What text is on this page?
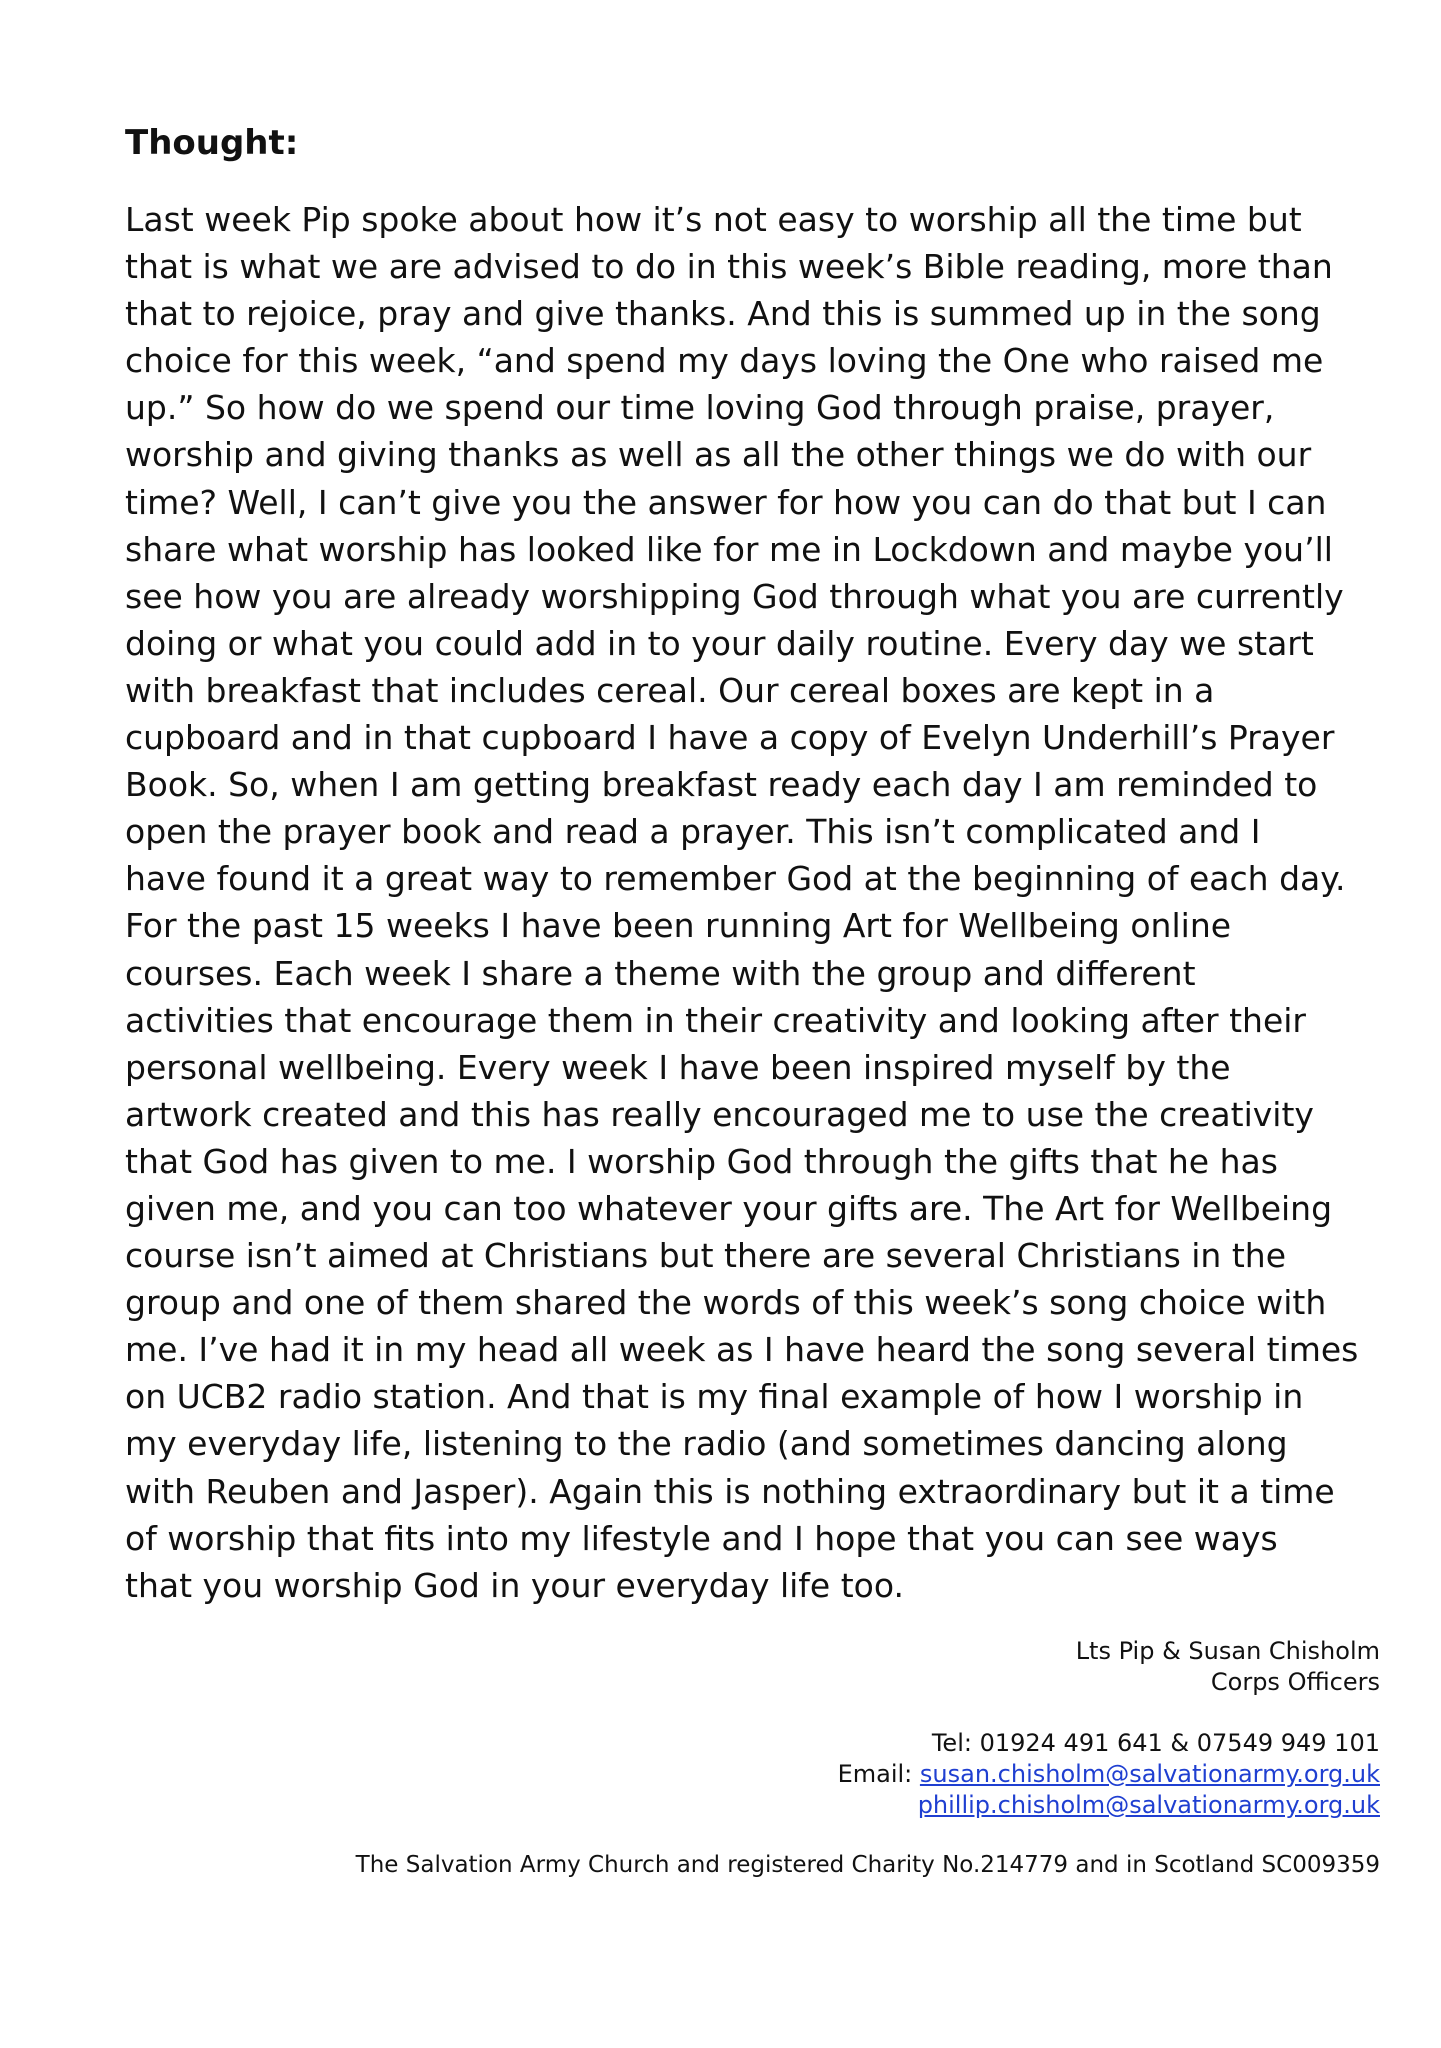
Thought:

Last week Pip spoke about how it’s not easy to worship all the time but
that is what we are advised to do in this week’s Bible reading, more than
that to rejoice, pray and give thanks. And this is summed up in the song
choice for this week, “and spend my days loving the One who raised me
up.” So how do we spend our time loving God through praise, prayer,
worship and giving thanks as well as all the other things we do with our
time? Well, I can’t give you the answer for how you can do that but I can
share what worship has looked like for me in Lockdown and maybe you’ll
see how you are already worshipping God through what you are currently
doing or what you could add in to your daily routine. Every day we start
with breakfast that includes cereal. Our cereal boxes are kept in a
cupboard and in that cupboard I have a copy of Evelyn Underhill’s Prayer
Book. So, when I am getting breakfast ready each day I am reminded to
open the prayer book and read a prayer. This isn’t complicated and I
have found it a great way to remember God at the beginning of each day.
For the past 15 weeks I have been running Art for Wellbeing online
courses. Each week I share a theme with the group and different
activities that encourage them in their creativity and looking after their
personal wellbeing. Every week I have been inspired myself by the
artwork created and this has really encouraged me to use the creativity
that God has given to me. I worship God through the gifts that he has
given me, and you can too whatever your gifts are. The Art for Wellbeing
course isn’t aimed at Christians but there are several Christians in the
group and one of them shared the words of this week’s song choice with
me. I’ve had it in my head all week as I have heard the song several times
on UCB2 radio station. And that is my final example of how I worship in
my everyday life, listening to the radio (and sometimes dancing along
with Reuben and Jasper). Again this is nothing extraordinary but it a time
of worship that fits into my lifestyle and I hope that you can see ways
that you worship God in your everyday life too.

Lts Pip & Susan Chisholm
Corps Officers
Tel: 01924 491 641 & 07549 949 101
Email: susan.chisholm@salvationarmy.org.uk
phillip.chisholm@salvationarmy.org.uk
The Salvation Army Church and registered Charity No.214779 and in Scotland SC009359
